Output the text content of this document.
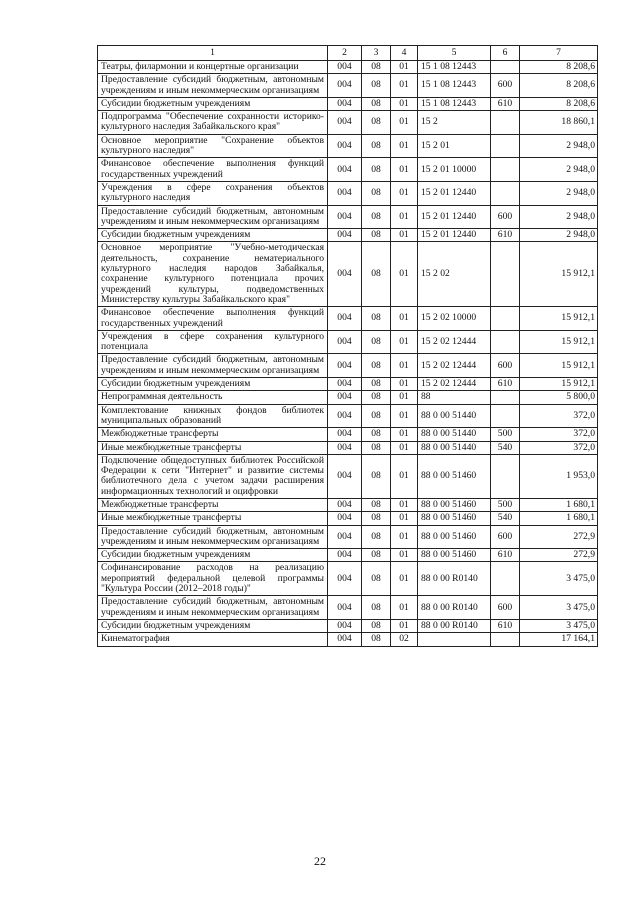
1	2	3	4	5	6	7
Театры, филармонии и концертные организации	004	08	01	15 1 08 12443		8 208,6
Предоставление субсидий бюджетным, автономным учреждениям и иным некоммерческим организациям	004	08	01	15 1 08 12443	600	8 208,6
Субсидии бюджетным учреждениям	004	08	01	15 1 08 12443	610	8 208,6
Подпрограмма "Обеспечение сохранности историко-культурного наследия Забайкальского края"	004	08	01	15 2		18 860,1
Основное мероприятие "Сохранение объектов культурного наследия"	004	08	01	15 2 01		2 948,0
Финансовое обеспечение выполнения функций государственных учреждений	004	08	01	15 2 01 10000		2 948,0
Учреждения в сфере сохранения объектов культурного наследия	004	08	01	15 2 01 12440		2 948,0
Предоставление субсидий бюджетным, автономным учреждениям и иным некоммерческим организациям	004	08	01	15 2 01 12440	600	2 948,0
Субсидии бюджетным учреждениям	004	08	01	15 2 01 12440	610	2 948,0
Основное мероприятие "Учебно-методическая деятельность, сохранение нематериального культурного наследия народов Забайкалья, сохранение культурного потенциала прочих учреждений культуры, подведомственных Министерству культуры Забайкальского края"	004	08	01	15 2 02		15 912,1
Финансовое обеспечение выполнения функций государственных учреждений	004	08	01	15 2 02 10000		15 912,1
Учреждения в сфере сохранения культурного потенциала	004	08	01	15 2 02 12444		15 912,1
Предоставление субсидий бюджетным, автономным учреждениям и иным некоммерческим организациям	004	08	01	15 2 02 12444	600	15 912,1
Субсидии бюджетным учреждениям	004	08	01	15 2 02 12444	610	15 912,1
Непрограммная деятельность	004	08	01	88		5 800,0
Комплектование книжных фондов библиотек муниципальных образований	004	08	01	88 0 00 51440		372,0
Межбюджетные трансферты	004	08	01	88 0 00 51440	500	372,0
Иные межбюджетные трансферты	004	08	01	88 0 00 51440	540	372,0
Подключение общедоступных библиотек Российской Федерации к сети "Интернет" и развитие системы библиотечного дела с учетом задачи расширения информационных технологий и оцифровки	004	08	01	88 0 00 51460		1 953,0
Межбюджетные трансферты	004	08	01	88 0 00 51460	500	1 680,1
Иные межбюджетные трансферты	004	08	01	88 0 00 51460	540	1 680,1
Предоставление субсидий бюджетным, автономным учреждениям и иным некоммерческим организациям	004	08	01	88 0 00 51460	600	272,9
Субсидии бюджетным учреждениям	004	08	01	88 0 00 51460	610	272,9
Софинансирование расходов на реализацию мероприятий федеральной целевой программы "Культура России (2012–2018 годы)"	004	08	01	88 0 00 R0140		3 475,0
Предоставление субсидий бюджетным, автономным учреждениям и иным некоммерческим организациям	004	08	01	88 0 00 R0140	600	3 475,0
Субсидии бюджетным учреждениям	004	08	01	88 0 00 R0140	610	3 475,0
Кинематография	004	08	02			17 164,1
22
